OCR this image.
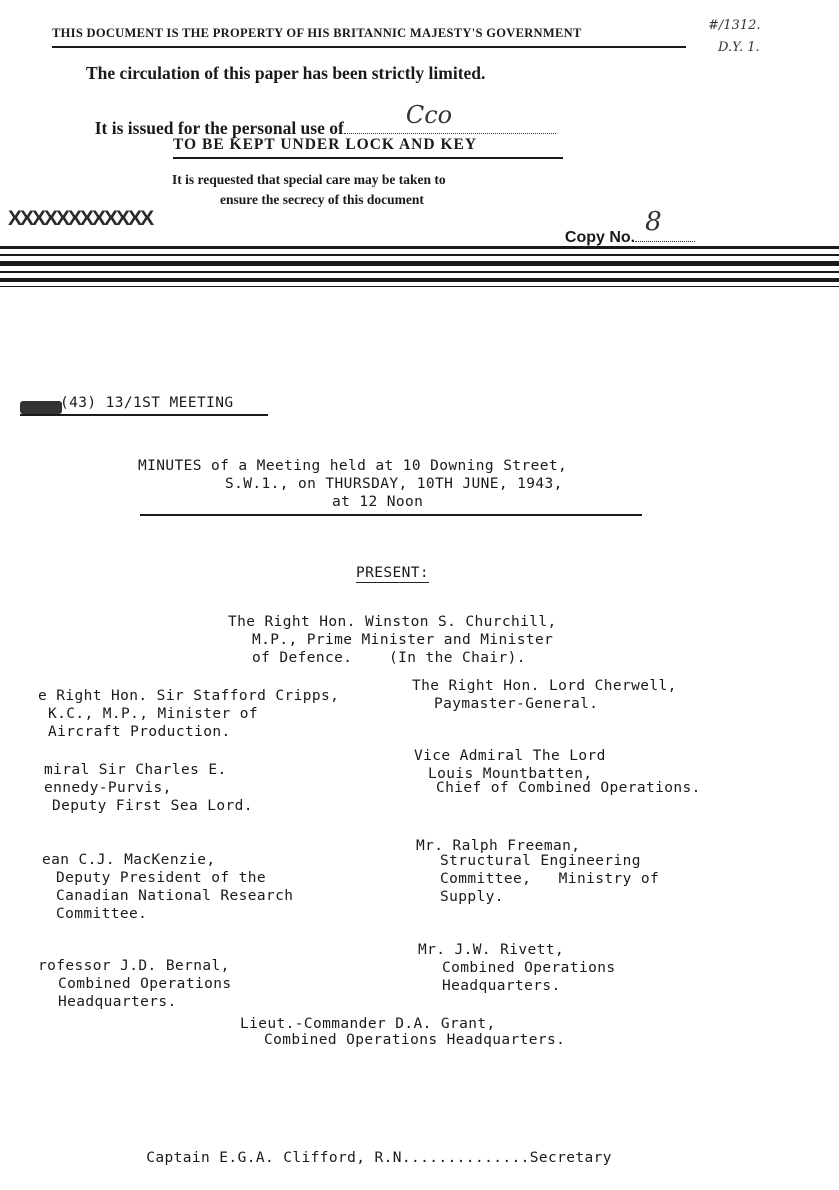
THIS DOCUMENT IS THE PROPERTY OF HIS BRITANNIC MAJESTY'S GOVERNMENT	#/1312.
D.Y. 1.
The circulation of this paper has been strictly limited.

It is issued for the personal use of	Cco

TO BE KEPT UNDER LOCK AND KEY
It is requested that special care may be taken to
ensure the secrecy of this document
XXXXXXXXXXXX

Copy No.
8

(43) 13/1ST MEETING
MINUTES of a Meeting held at 10 Downing Street,
S.W.1., on THURSDAY, 10TH JUNE, 1943,
at 12 Noon
PRESENT:
The Right Hon. Winston S. Churchill,
M.P., Prime Minister and Minister
of Defence.    (In the Chair).
e Right Hon. Sir Stafford Cripps,
K.C., M.P., Minister of
Aircraft Production.
miral Sir Charles E.
ennedy-Purvis,
Deputy First Sea Lord.
ean C.J. MacKenzie,
Deputy President of the
Canadian National Research
Committee.
rofessor J.D. Bernal,
Combined Operations
Headquarters.
The Right Hon. Lord Cherwell,
Paymaster-General.
Vice Admiral The Lord
Louis Mountbatten,
Chief of Combined Operations.
Mr. Ralph Freeman,
Structural Engineering
Committee,   Ministry of
Supply.
Mr. J.W. Rivett,
Combined Operations
Headquarters.
Lieut.-Commander D.A. Grant,
Combined Operations Headquarters.

Captain E.G.A. Clifford, R.N..............Secretary
